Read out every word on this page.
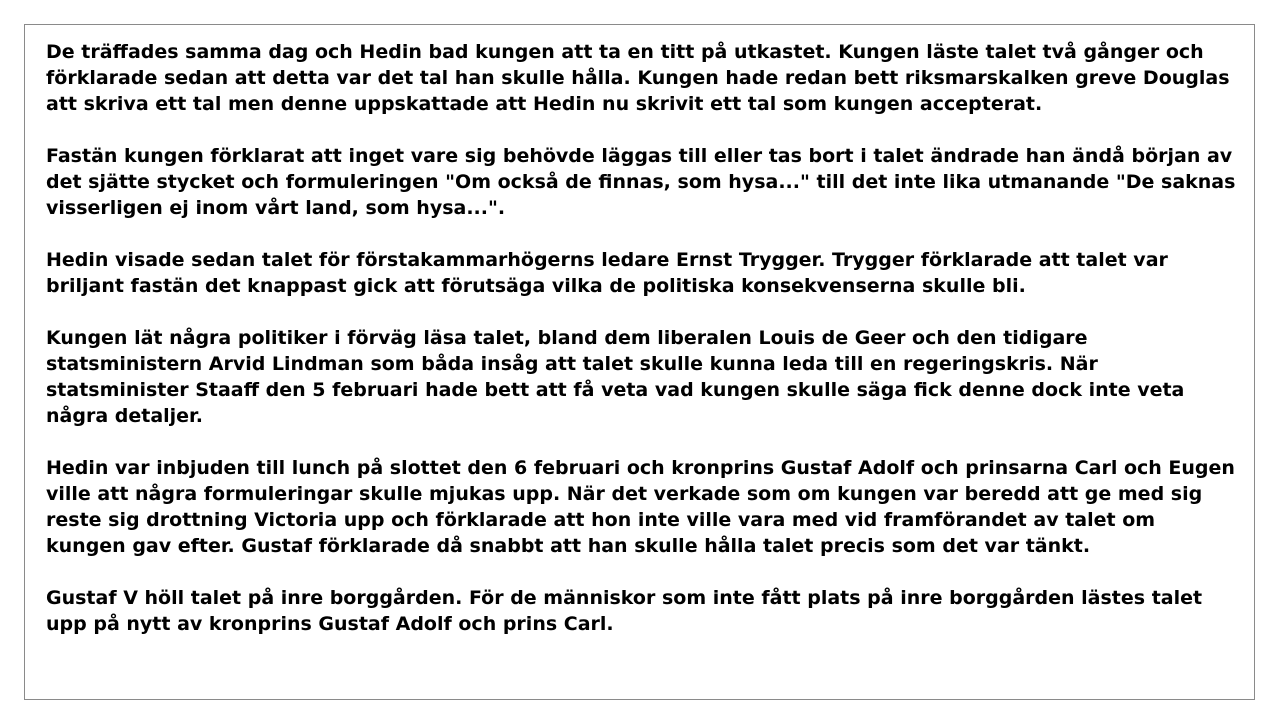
De träffades samma dag och Hedin bad kungen att ta en titt på utkastet. Kungen läste talet två gånger och förklarade sedan att detta var det tal han skulle hålla. Kungen hade redan bett riksmarskalken greve Douglas att skriva ett tal men denne uppskattade att Hedin nu skrivit ett tal som kungen accepterat.

Fastän kungen förklarat att inget vare sig behövde läggas till eller tas bort i talet ändrade han ändå början av det sjätte stycket och formuleringen "Om också de finnas, som hysa..." till det inte lika utmanande "De saknas visserligen ej inom vårt land, som hysa...".

Hedin visade sedan talet för förstakammarhögerns ledare Ernst Trygger. Trygger förklarade att talet var briljant fastän det knappast gick att förutsäga vilka de politiska konsekvenserna skulle bli.

Kungen lät några politiker i förväg läsa talet, bland dem liberalen Louis de Geer och den tidigare statsministern Arvid Lindman som båda insåg att talet skulle kunna leda till en regeringskris. När statsminister Staaff den 5 februari hade bett att få veta vad kungen skulle säga fick denne dock inte veta några detaljer.

Hedin var inbjuden till lunch på slottet den 6 februari och kronprins Gustaf Adolf och prinsarna Carl och Eugen ville att några formuleringar skulle mjukas upp. När det verkade som om kungen var beredd att ge med sig reste sig drottning Victoria upp och förklarade att hon inte ville vara med vid framförandet av talet om kungen gav efter. Gustaf förklarade då snabbt att han skulle hålla talet precis som det var tänkt.

Gustaf V höll talet på inre borggården. För de människor som inte fått plats på inre borggården lästes talet upp på nytt av kronprins Gustaf Adolf och prins Carl.
